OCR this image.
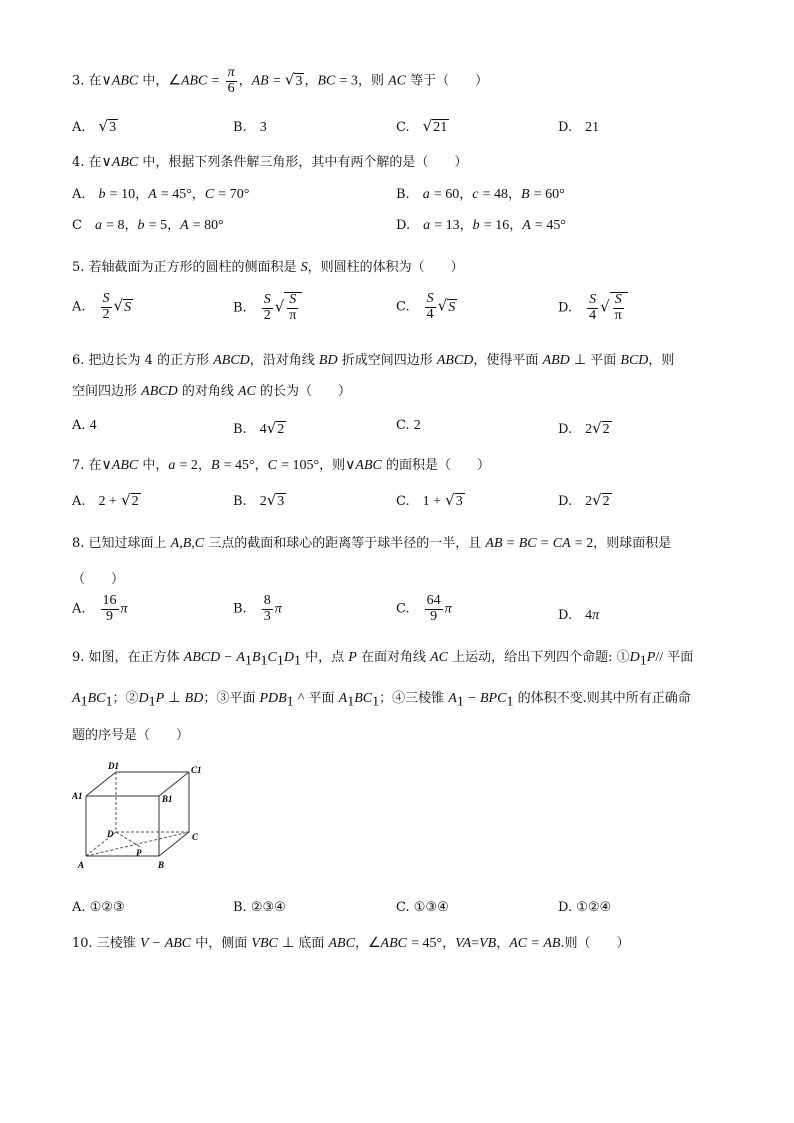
3. 在∨ABC 中，∠ABC = $\frac{\pi}{6}$ ，AB = √3 ，BC = 3，则 AC 等于（　　）
A.　√3	B.　3	C.　√21	D.　21
4. 在∨ABC 中，根据下列条件解三角形，其中有两个解的是（　　）
A.　b = 10，A = 45°，C = 70°	B.　a = 60，c = 48，B = 60°
C　a = 8，b = 5，A = 80°	D.　a = 13，b = 16，A = 45°
5. 若轴截面为正方形的圆柱的侧面积是 S，则圆柱的体积为（　　）
A.　 $\frac{S}{2} √S$	B.　 $\frac{S}{2}$ √ $\frac{S}{\pi}$	C.　 $\frac{S}{4} √S$	D.　 $\frac{S}{4}$ √ $\frac{S}{\pi}$
6. 把边长为 4 的正方形 ABCD，沿对角线 BD 折成空间四边形 ABCD，使得平面 ABD ⊥ 平面 BCD，则
空间四边形 ABCD 的对角线 AC 的长为（　　）
A. 4	B.　4√2	C. 2	D.　2√2
7. 在∨ABC 中，a = 2，B = 45°，C = 105°，则∨ABC 的面积是（　　）
A.　2 + √2	B.　2√3	C.　1 + √3	D.　2√2
8. 已知过球面上 A,B,C 三点的截面和球心的距离等于球半径的一半，且 AB = BC = CA = 2，则球面积是
（　　）
A.　 $\frac{16}{9}$ π	B.　 $\frac{8}{3}$ π	C.　 $\frac{64}{9}$ π	D.　4π
9. 如图，在正方体 ABCD − $A_1B_1C_1D_1$ 中，点 P 在面对角线 AC 上运动，给出下列四个命题: $①D_1P//$ 平面
$A_1BC_1$；$②D_1P$ ⊥ BD；③平面 $PDB_1$ ^ 平面 $A_1BC_1$；④三棱锥 $A_1 - BPC_1$ 的体积不变.则其中所有正确命
题的序号是（　　）
D1	C1
A1	B1
D	C
P
A	B
A. ①②③	B. ②③④	C. ①③④	D. ①②④
10. 三棱锥 V − ABC 中，侧面 VBC ⊥ 底面 ABC，∠ABC = 45°，VA=VB，AC = AB.则（　　）
